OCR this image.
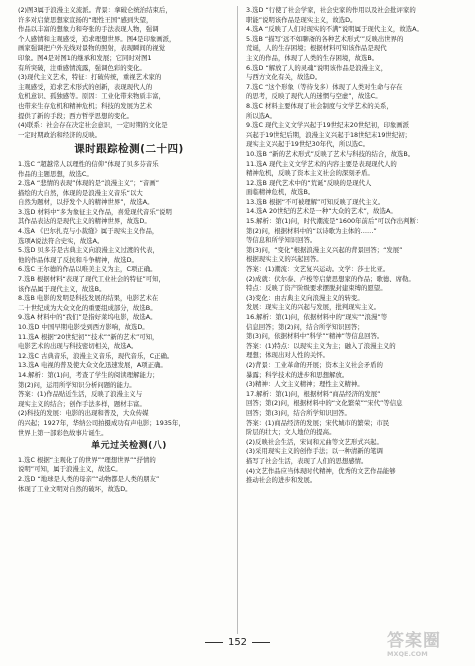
(2)图3属于浪漫主义流派。背景：拿破仑统治结束后，

许多对启蒙思想家宣扬的“理性王国”感到失望，

作品以丰富的想象力和夸张的手法表现人物，强调

个人感情和主观感受，追求理想世界。图4是印象画派，

画家强调把户外光线对景物的照射，表现瞬间的视觉

印象。图4是对图1的继承和发展；它同时对图1

有所突破，注重感情流露，强调色彩的变化。

(3)现代主义艺术，特征：打破传统，重视艺术家的

主观感受，追求艺术形式的创新，表现现代人的

危机意识、孤独感等。原因：工业化带来物质丰富，

也带来生存危机和精神危机；科技的发展为艺术

提供了新的手段；西方哲学思想的变化。

(4)联系：社会存在决定社会意识，一定时期的文化是

一定时期政治和经济的反映。

课时跟踪检测(二十四)

1.选C “超越常人以理性的信仰”体现了贝多芬音乐

作品的主题思想，故选C。

2.选A “悲情的表现”体现的是“浪漫主义”；“音画”

描绘的大自然，体现的是浪漫主义音乐“以大

自然为题材，以抒发个人的精神世界”，故选A。

3.选D 材料中“多为象征主义作品，喜爱现代音乐”说明

其作品表达的是现代主义的精神世界，故选D。

4.选A 《巴尔扎克与小裁缝》属于现实主义作品，

选项A说法符合史实，故选A。

5.选D 贝多芬是古典主义向浪漫主义过渡的代表，

他的作品体现了反抗和斗争精神，故选D。

6.选C 王尔德的作品以唯美主义为主，C项正确。

7.选B 根据材料“表现了现代工业社会的特征”可知，

该作品属于现代主义，故选B。

8.选B 电影的发明是科技发展的结果，电影艺术在

二十世纪成为大众文化的重要组成部分，故选B。

9.选A 材料中的“我们”是指好莱坞电影，故选A。

10.选D 中国早期电影受到西方影响，故选D。

11.选A 根据“20世纪初”“技术”“新的艺术”可知，

电影艺术的出现与科技密切相关，故选A。

12.选C 古典音乐，浪漫主义音乐，现代音乐，C正确。

13.选A 电视的普及使大众文化迅速发展，A项正确。

14.解析：第(1)问，考查了学生的阅读理解能力；

第(2)问，运用所学知识分析问题的能力。

答案：(1)作品贴近生活，反映了浪漫主义与

现实主义的结合；创作手法多样，题材丰富。

(2)科技的发展：电影的出现和普及，大众传媒

的兴起；1927年，华纳公司拍摄成功有声电影；1935年，

世界上第一部彩色故事片诞生。

单元过关检测(八)

1.选C 根据“主观化了的世界”“理想世界”“抒情的

说明”可知，属于浪漫主义，故选C。

2.选D “地球是人类的母亲”“动物都是人类的朋友”

体现了工业文明对自然的破坏，故选D。

3.选D “行使了社会学家，社会史家的作用以及社会批评家的

职能”说明该作品是现实主义，故选D。

4.选A “反映了人们对现实的不满”说明属于现代主义，故选A。

5.选B “描写‘远不如聊斋的各种艺术形式’”反映出世界的

荒诞，人的生存困境；根据材料可知该作品是现代

主义的作品，体现了人类的生存困境，故选B。

6.选D “解放了人的灵魂”说明该作品是浪漫主义，

与西方文化有关，故选D。

7.选C “这个形象（等待戈多）体现了人类对生命与存在

的思考，反映了现代人的迷惘与空虚”，故选C。

8.选C 材料主要体现了社会制度与文学艺术的关系，

所以选A。

9.选C 现代主义文学兴起于19世纪末20世纪初，印象画派

兴起于19世纪后期，浪漫主义兴起于18世纪末19世纪初；

现实主义兴起于19世纪30年代，所以选C。

10.选B “新的艺术形式”反映了艺术与科技的结合，故选B。

11.选A 现代主义文学艺术的内容主要是表现现代人的

精神危机，反映了资本主义社会的深刻矛盾。

12.选B 现代艺术中的“荒诞”反映的是现代人

面临精神危机，故选B。

13.选B 根据“不可被理解”可知反映了现代主义。

14.选A 20世纪的艺术是一种“大众的艺术”，故选A。

15.解析：第(1)问，时代潮流是“1600年前后”可以作出判断：

第(2)问，根据材料中的“以诗歌为主体的……”

等信息和所学知识回答。

第(3)问，“变化”根据浪漫主义兴起的背景回答；“发展”

根据现实主义的兴起回答。

答案：(1)潮流：文艺复兴运动。文学：莎士比亚。

(2)成就：伏尔泰、卢梭等启蒙思想家的作品；歌德、席勒。

特点：反映了资产阶级要求摆脱封建束缚的愿望。

(3)变化：由古典主义向浪漫主义的转变。

发展：现实主义的兴起与发展，批判现实主义。

16.解析：第(1)问，依据材料中的“现实”“浪漫”等

信息回答；第(2)问，结合所学知识回答；

第(3)问，依据材料中“科学”“精神”等信息回答。

答案：(1)特点：以现实主义为主；融入了浪漫主义的

理想；体现出对人性的关怀。

(2)背景：工业革命的开展；资本主义社会矛盾的

暴露；科学技术的进步和思想解放。

(3)精神：人文主义精神；理性主义精神。

17.解析：第(1)问，根据材料“商品经济的发展”

回答；第(2)问，根据材料中的“文化繁荣”“宋代”等信息

回答；第(3)问，结合所学知识回答。

答案：(1)商品经济的发展；宋代城市的繁荣；市民

阶层的壮大；文人地位的提高。

(2)反映社会生活，宋词和元曲等文艺形式兴起。

(3)采用现实主义的创作手法；以一种清新的笔调

描写了社会生活，表现了人们的思想感情。

(4)文艺作品应当体现时代精神，优秀的文艺作品能够

推动社会的进步和发展。

152	答案圈
MXQE.COM
